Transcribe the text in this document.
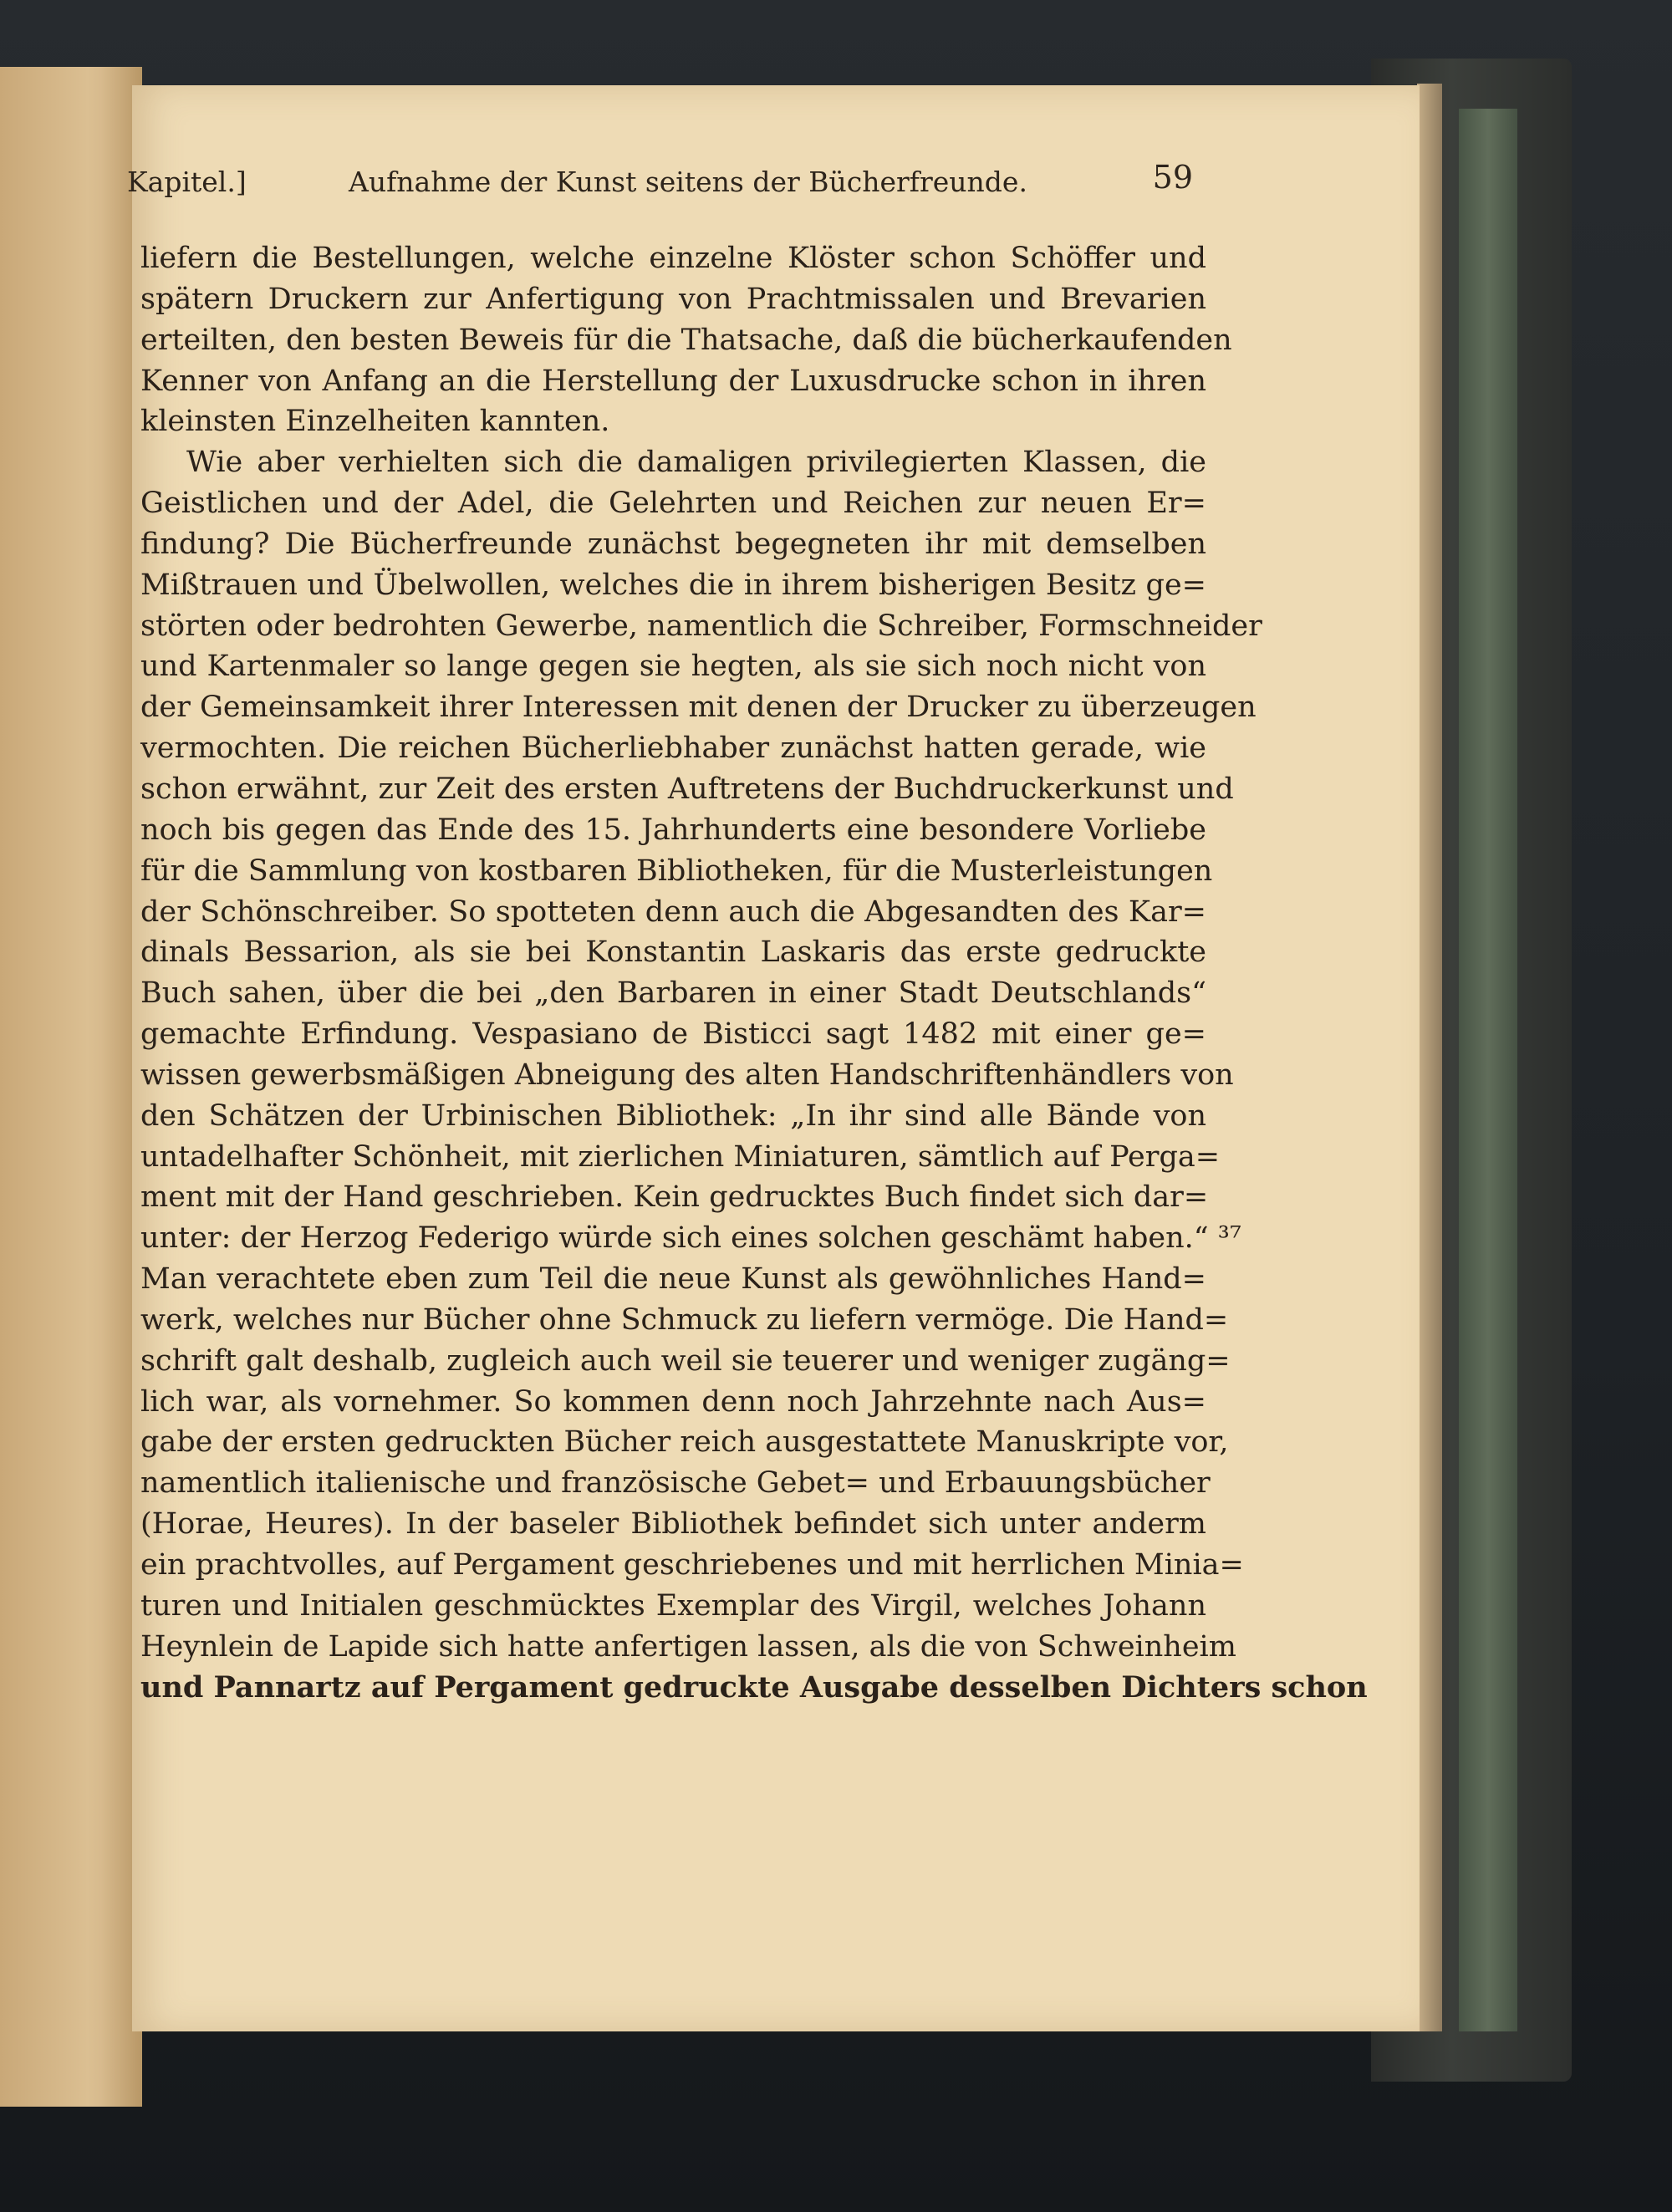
Kapitel.]	Aufnahme der Kunst seitens der Bücherfreunde.	59
liefern die Bestellungen, welche einzelne Klöster schon Schöffer und
spätern Druckern zur Anfertigung von Prachtmissalen und Brevarien
erteilten, den besten Beweis für die Thatsache, daß die bücherkaufenden
Kenner von Anfang an die Herstellung der Luxusdrucke schon in ihren
kleinsten Einzelheiten kannten.
Wie aber verhielten sich die damaligen privilegierten Klassen, die
Geistlichen und der Adel, die Gelehrten und Reichen zur neuen Er=
findung? Die Bücherfreunde zunächst begegneten ihr mit demselben
Mißtrauen und Übelwollen, welches die in ihrem bisherigen Besitz ge=
störten oder bedrohten Gewerbe, namentlich die Schreiber, Formschneider
und Kartenmaler so lange gegen sie hegten, als sie sich noch nicht von
der Gemeinsamkeit ihrer Interessen mit denen der Drucker zu überzeugen
vermochten. Die reichen Bücherliebhaber zunächst hatten gerade, wie
schon erwähnt, zur Zeit des ersten Auftretens der Buchdruckerkunst und
noch bis gegen das Ende des 15. Jahrhunderts eine besondere Vorliebe
für die Sammlung von kostbaren Bibliotheken, für die Musterleistungen
der Schönschreiber. So spotteten denn auch die Abgesandten des Kar=
dinals Bessarion, als sie bei Konstantin Laskaris das erste gedruckte
Buch sahen, über die bei „den Barbaren in einer Stadt Deutschlands“
gemachte Erfindung. Vespasiano de Bisticci sagt 1482 mit einer ge=
wissen gewerbsmäßigen Abneigung des alten Handschriftenhändlers von
den Schätzen der Urbinischen Bibliothek: „In ihr sind alle Bände von
untadelhafter Schönheit, mit zierlichen Miniaturen, sämtlich auf Perga=
ment mit der Hand geschrieben. Kein gedrucktes Buch findet sich dar=
unter: der Herzog Federigo würde sich eines solchen geschämt haben.“ ³⁷
Man verachtete eben zum Teil die neue Kunst als gewöhnliches Hand=
werk, welches nur Bücher ohne Schmuck zu liefern vermöge. Die Hand=
schrift galt deshalb, zugleich auch weil sie teuerer und weniger zugäng=
lich war, als vornehmer. So kommen denn noch Jahrzehnte nach Aus=
gabe der ersten gedruckten Bücher reich ausgestattete Manuskripte vor,
namentlich italienische und französische Gebet= und Erbauungsbücher
(Horae, Heures). In der baseler Bibliothek befindet sich unter anderm
ein prachtvolles, auf Pergament geschriebenes und mit herrlichen Minia=
turen und Initialen geschmücktes Exemplar des Virgil, welches Johann
Heynlein de Lapide sich hatte anfertigen lassen, als die von Schweinheim
und Pannartz auf Pergament gedruckte Ausgabe desselben Dichters schon
